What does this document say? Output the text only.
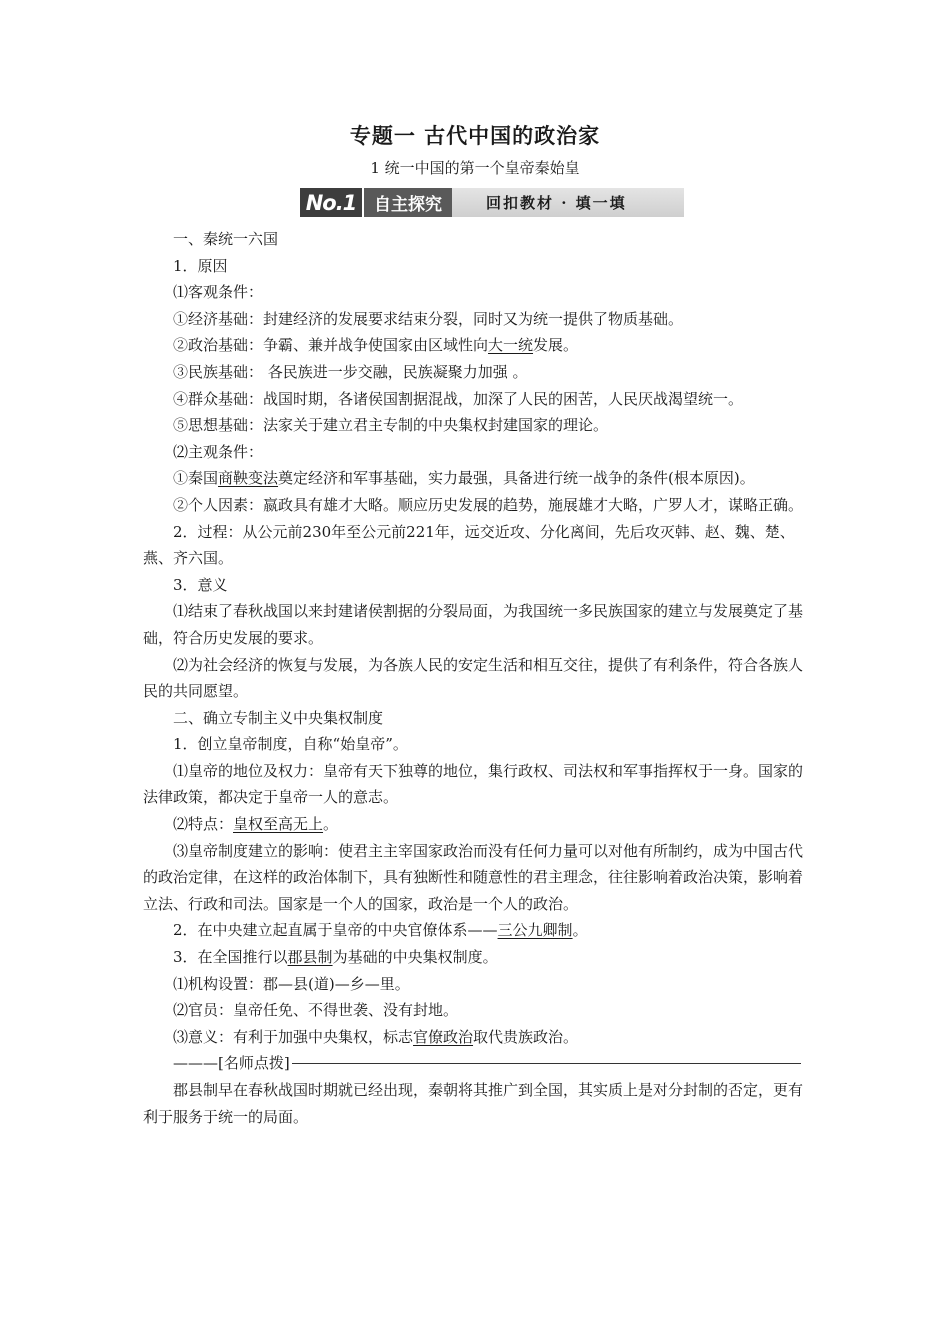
专题一 古代中国的政治家
1 统一中国的第一个皇帝秦始皇
No.1	自主探究	回扣教材 · 填一填

一、秦统一六国

1．原因

⑴客观条件：

①经济基础：封建经济的发展要求结束分裂，同时又为统一提供了物质基础。

②政治基础：争霸、兼并战争使国家由区域性向大一统发展。

③民族基础： 各民族进一步交融，民族凝聚力加强 。

④群众基础：战国时期，各诸侯国割据混战，加深了人民的困苦，人民厌战渴望统一。

⑤思想基础：法家关于建立君主专制的中央集权封建国家的理论。

⑵主观条件：

①秦国商鞅变法奠定经济和军事基础，实力最强，具备进行统一战争的条件(根本原因)。

②个人因素：嬴政具有雄才大略。顺应历史发展的趋势，施展雄才大略，广罗人才，谋略正确。

2．过程：从公元前230年至公元前221年，远交近攻、分化离间，先后攻灭韩、赵、魏、楚、燕、齐六国。

3．意义

⑴结束了春秋战国以来封建诸侯割据的分裂局面，为我国统一多民族国家的建立与发展奠定了基础，符合历史发展的要求。

⑵为社会经济的恢复与发展，为各族人民的安定生活和相互交往，提供了有利条件，符合各族人民的共同愿望。

二、确立专制主义中央集权制度

1．创立皇帝制度，自称“始皇帝”。

⑴皇帝的地位及权力：皇帝有天下独尊的地位，集行政权、司法权和军事指挥权于一身。国家的法律政策，都决定于皇帝一人的意志。

⑵特点：皇权至高无上。

⑶皇帝制度建立的影响：使君主主宰国家政治而没有任何力量可以对他有所制约，成为中国古代的政治定律，在这样的政治体制下，具有独断性和随意性的君主理念，往往影响着政治决策，影响着立法、行政和司法。国家是一个人的国家，政治是一个人的政治。

2．在中央建立起直属于皇帝的中央官僚体系——三公九卿制。

3．在全国推行以郡县制为基础的中央集权制度。

⑴机构设置：郡—县(道)—乡—里。

⑵官员：皇帝任免、不得世袭、没有封地。

⑶意义：有利于加强中央集权，标志官僚政治取代贵族政治。

———[名师点拨]

郡县制早在春秋战国时期就已经出现，秦朝将其推广到全国，其实质上是对分封制的否定，更有利于服务于统一的局面。
